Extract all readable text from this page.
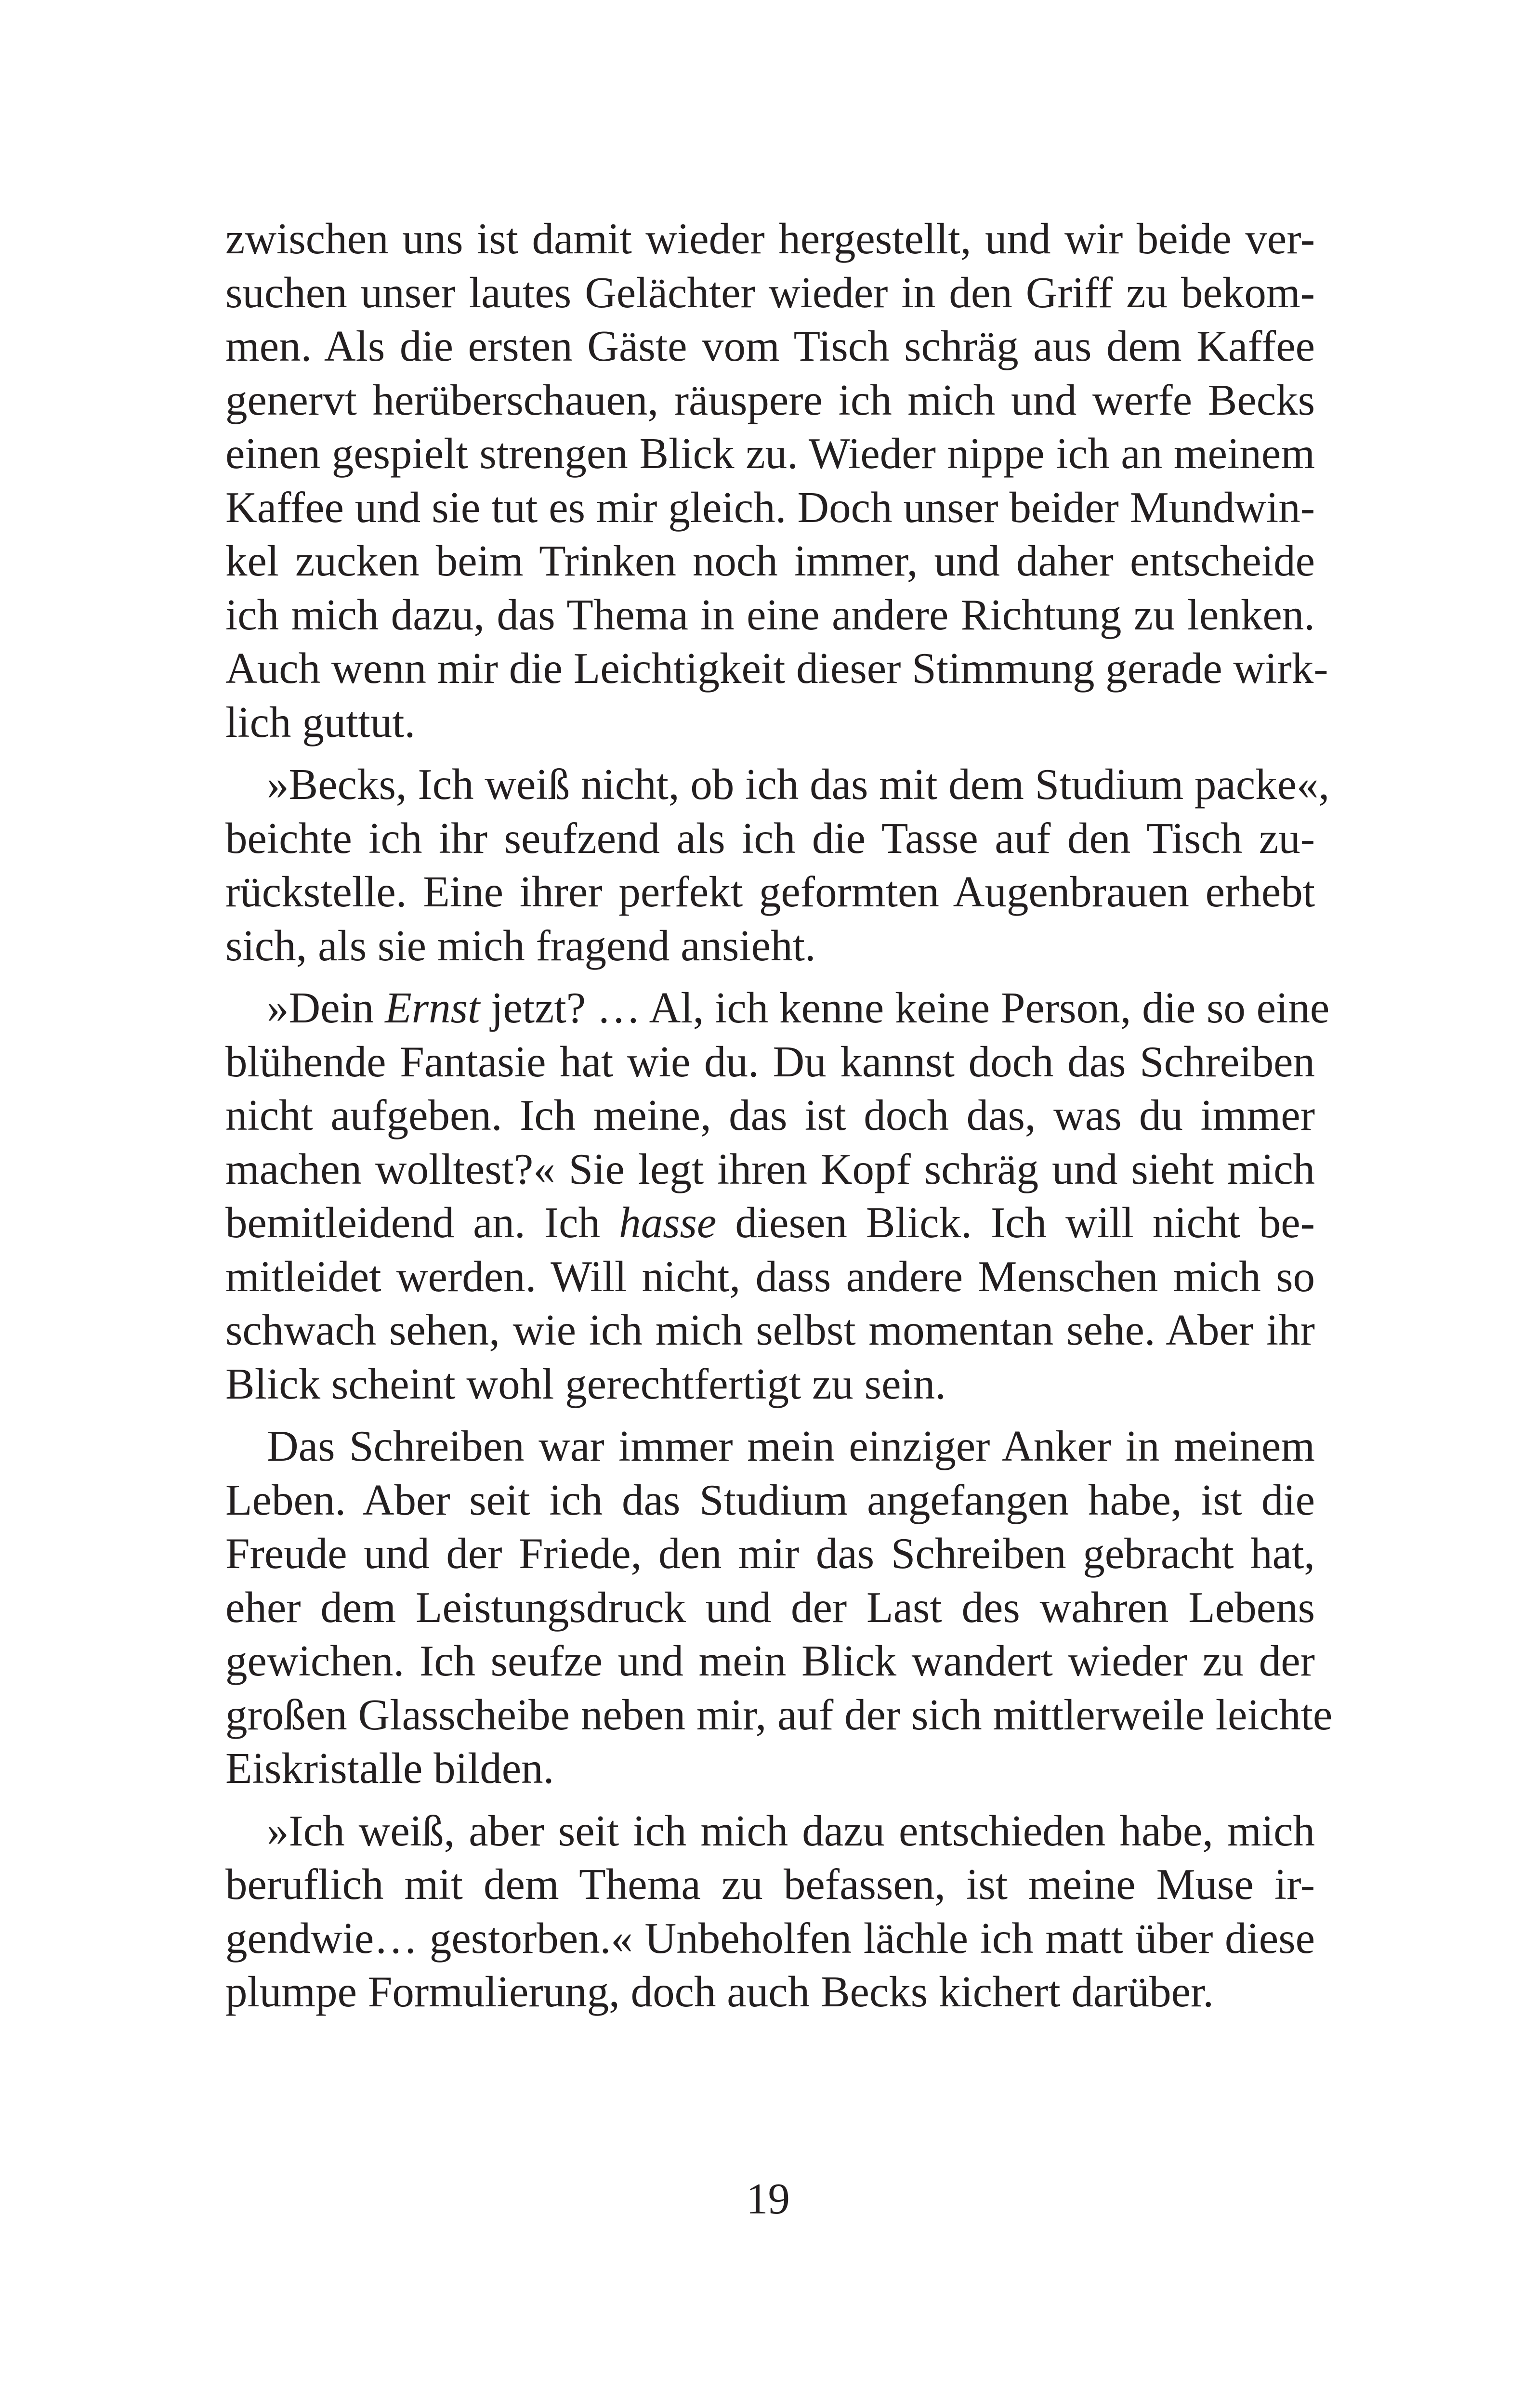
zwischen uns ist damit wieder hergestellt, und wir beide ver-
suchen unser lautes Gelächter wieder in den Griff zu bekom-
men. Als die ersten Gäste vom Tisch schräg aus dem Kaffee
genervt herüberschauen, räuspere ich mich und werfe Becks
einen gespielt strengen Blick zu. Wieder nippe ich an meinem
Kaffee und sie tut es mir gleich. Doch unser beider Mundwin-
kel zucken beim Trinken noch immer, und daher entscheide
ich mich dazu, das Thema in eine andere Richtung zu lenken.
Auch wenn mir die Leichtigkeit dieser Stimmung gerade wirk-
lich guttut.

»Becks, Ich weiß nicht, ob ich das mit dem Studium packe«,
beichte ich ihr seufzend als ich die Tasse auf den Tisch zu-
rückstelle. Eine ihrer perfekt geformten Augenbrauen erhebt
sich, als sie mich fragend ansieht.

»Dein Ernst jetzt? … Al, ich kenne keine Person, die so eine
blühende Fantasie hat wie du. Du kannst doch das Schreiben
nicht aufgeben. Ich meine, das ist doch das, was du immer
machen wolltest?« Sie legt ihren Kopf schräg und sieht mich
bemitleidend an. Ich hasse diesen Blick. Ich will nicht be-
mitleidet werden. Will nicht, dass andere Menschen mich so
schwach sehen, wie ich mich selbst momentan sehe. Aber ihr
Blick scheint wohl gerechtfertigt zu sein.

Das Schreiben war immer mein einziger Anker in meinem
Leben. Aber seit ich das Studium angefangen habe, ist die
Freude und der Friede, den mir das Schreiben gebracht hat,
eher dem Leistungsdruck und der Last des wahren Lebens
gewichen. Ich seufze und mein Blick wandert wieder zu der
großen Glasscheibe neben mir, auf der sich mittlerweile leichte
Eiskristalle bilden.

»Ich weiß, aber seit ich mich dazu entschieden habe, mich
beruflich mit dem Thema zu befassen, ist meine Muse ir-
gendwie… gestorben.« Unbeholfen lächle ich matt über diese
plumpe Formulierung, doch auch Becks kichert darüber.

19
